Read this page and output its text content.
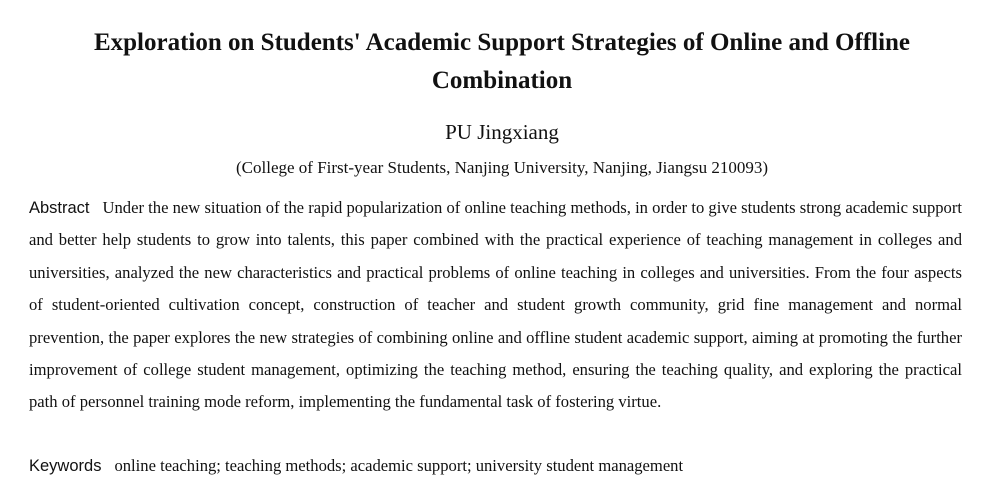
Exploration on Students' Academic Support Strategies of Online and Offline Combination
PU Jingxiang
(College of First-year Students, Nanjing University, Nanjing, Jiangsu 210093)

Abstract Under the new situation of the rapid popularization of online teaching methods, in order to give students strong academic support and better help students to grow into talents, this paper combined with the practical experience of teaching management in colleges and universities, analyzed the new characteristics and practical problems of online teaching in colleges and universities. From the four aspects of student-oriented cultivation concept, construction of teacher and student growth community, grid fine management and normal prevention, the paper explores the new strategies of combining online and offline student academic support, aiming at promoting the further improvement of college student management, optimizing the teaching method, ensuring the teaching quality, and exploring the practical path of personnel training mode reform, implementing the fundamental task of fostering virtue.

Keywords online teaching; teaching methods; academic support; university student management
